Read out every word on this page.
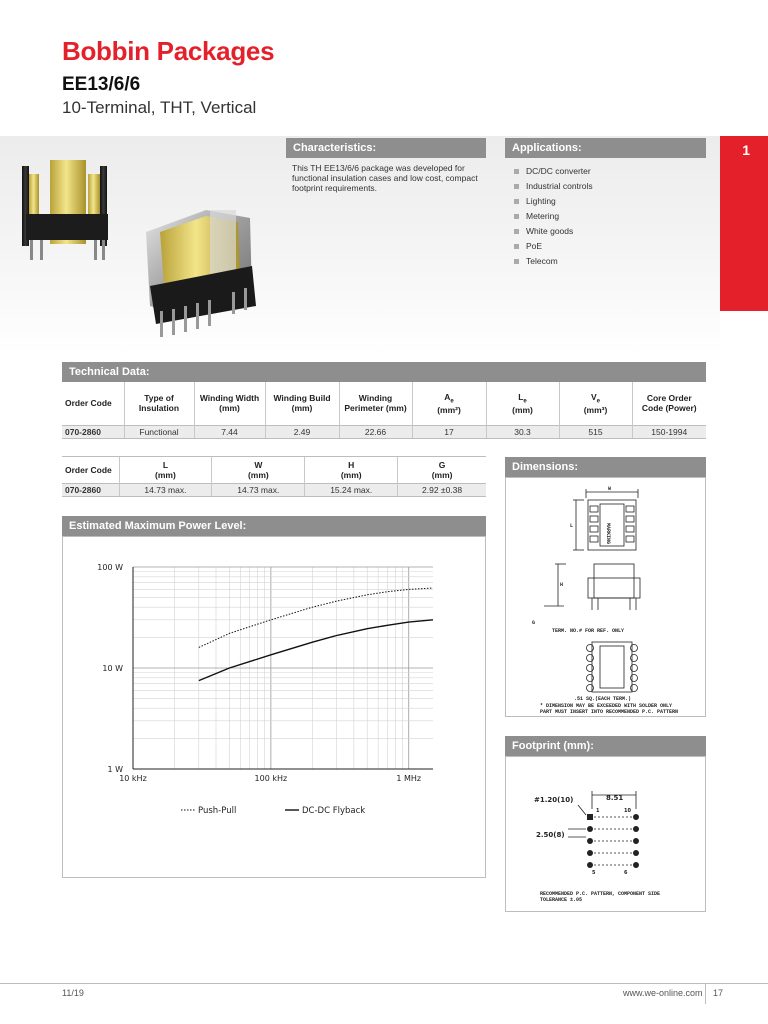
Bobbin Packages
EE13/6/6
10-Terminal, THT, Vertical
1
Characteristics:
This TH EE13/6/6 package was developed for functional insulation cases and low cost, compact footprint requirements.
Applications:
DC/DC converter
Industrial controls
Lighting
Metering
White goods
PoE
Telecom
Technical Data:
Order Code	Type of Insulation	Winding Width (mm)	Winding Build (mm)	Winding Perimeter (mm)	$A_e$
(mm²)	$L_e$
(mm)	$V_e$
(mm³)	Core Order Code (Power)
070-2860	Functional	7.44	2.49	22.66	17	30.3	515	150-1994
Order Code	L
(mm)	W
(mm)	H
(mm)	G
(mm)
070-2860	14.73 max.	14.73 max.	15.24 max.	2.92 ±0.38
Estimated Maximum Power Level:
10 kHz	100 kHz	1 MHz
1 W
10 W
100 W
Push-Pull	DC-DC Flyback
Dimensions:
W
L	MARKING
H
G
TERM. NO.# FOR REF. ONLY
.51 SQ.(EACH TERM.)
* DIMENSION MAY BE EXCEEDED WITH SOLDER ONLY
PART MUST INSERT INTO RECOMMENDED P.C. PATTERN
Footprint (mm):
#1.20(10)	8.51
2.50(8)
1	10
5	6
RECOMMENDED P.C. PATTERN, COMPONENT SIDE
TOLERANCE ±.05
11/19	www.we-online.com 17
